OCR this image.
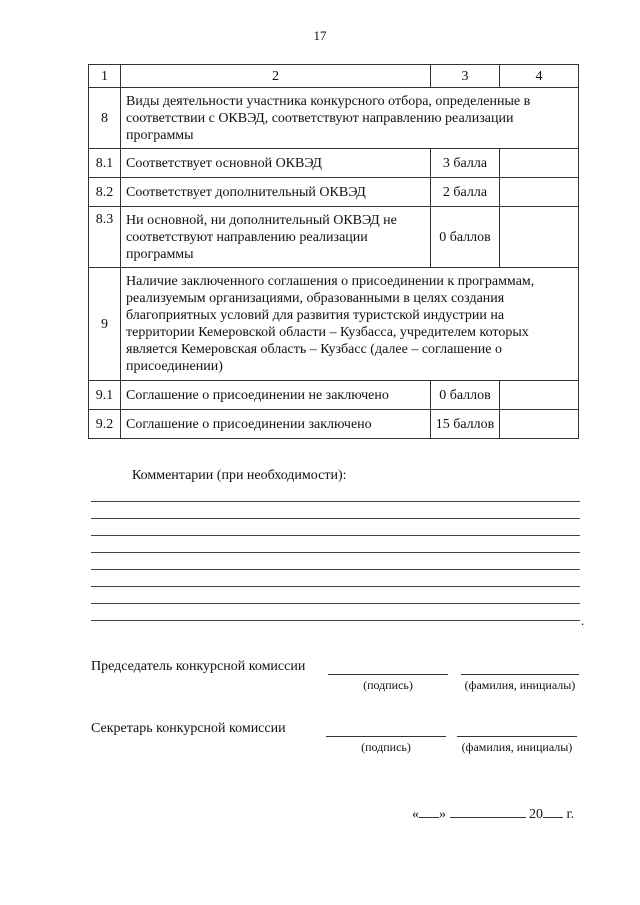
17
1	2	3	4
8	Виды деятельности участника конкурсного отбора, определенные в соответствии с ОКВЭД, соответствуют направлению реализации программы		
8.1	Соответствует основной ОКВЭД	3 балла	
8.2	Соответствует дополнительный ОКВЭД	2 балла	
8.3	Ни основной, ни дополнительный ОКВЭД не соответствуют направлению реализации программы	0 баллов	
9	Наличие заключенного соглашения о присоединении к программам, реализуемым организациями, образованными в целях создания благоприятных условий для развития туристской индустрии на территории Кемеровской области – Кузбасса, учредителем которых является Кемеровская область – Кузбасс (далее – соглашение о присоединении)		
9.1	Соглашение о присоединении не заключено	0 баллов	
9.2	Соглашение о присоединении заключено	15 баллов	
Комментарии (при необходимости):
.
Председатель конкурсной комиссии
(подпись)	(фамилия, инициалы)
Секретарь конкурсной комиссии
(подпись)	(фамилия, инициалы)
« »	20 г.
